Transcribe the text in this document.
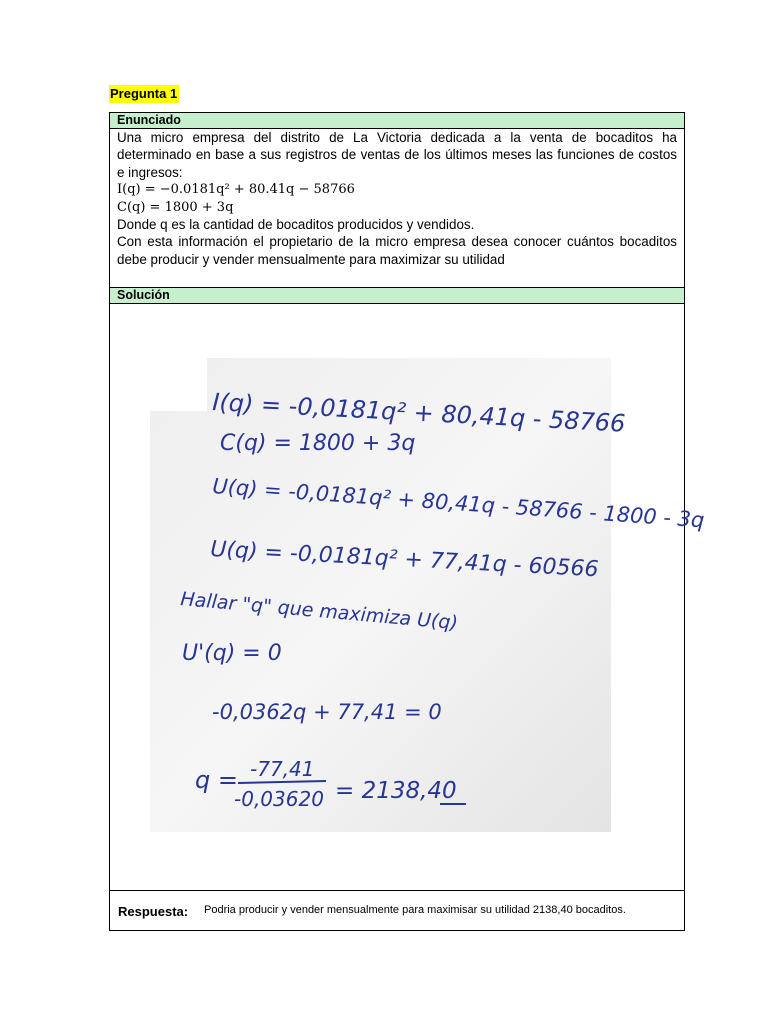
Pregunta 1
Enunciado

Una micro empresa del distrito de La Victoria dedicada a la venta de bocaditos ha determinado en base a sus registros de ventas de los últimos meses las funciones de costos e ingresos:

I(q) = −0.0181q² + 80.41q − 58766

C(q) = 1800 + 3q

Donde q es la cantidad de bocaditos producidos y vendidos.

Con esta información el propietario de la micro empresa desea conocer cuántos bocaditos debe producir y vender mensualmente para maximizar su utilidad

Solución
I(q) = -0,0181q² + 80,41q - 58766
C(q) = 1800 + 3q
U(q) = -0,0181q² + 80,41q - 58766 - 1800 - 3q
U(q) = -0,0181q² + 77,41q - 60566
Hallar "q" que maximiza U(q)
U'(q) = 0
-0,0362q + 77,41 = 0
q = -77,41
-0,03620 = 2138,40
Respuesta: Podria producir y vender mensualmente para maximisar su utilidad 2138,40 bocaditos.
